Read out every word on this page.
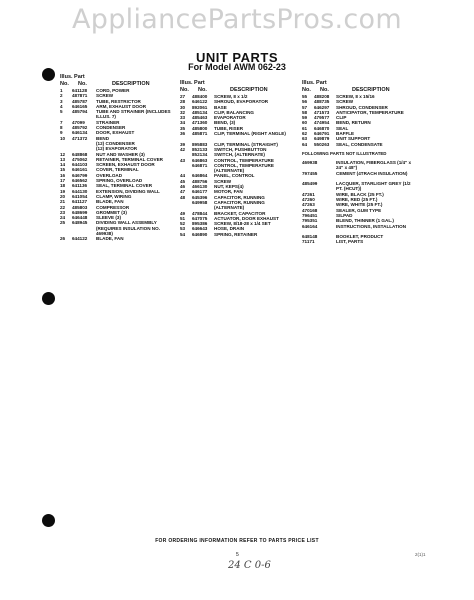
AppliancePartsPros.com
UNIT PARTS
For Model AWM 062-23
Illus. Part
No. No.	DESCRIPTION
1 641128 CORD, POWER
2 487871 SCREW
3 485787 TUBE, RESTRICTOR
4 646165 ARM, EXHAUST DOOR
5 485794 TUBE AND STRAINER (INCLUDES ILLUS. 7)
7 47099 STRAINER
8 485792 CONDENSER
9 646134 DOOR, EXHAUST
10 471372 BEND
(12) CONDENSER
(12) EVAPORATOR
12 648868 NUT AND WASHER (3)
13 475062 RETAINER, TERMINAL COVER
14 644103 SCREEN, EXHAUST DOOR
15 646161 COVER, TERMINAL
16 646799 OVERLOAD
17 646562 SPRING, OVERLOAD
18 641136 SEAL, TERMINAL COVER
19 644130 EXTENSION, DIVIDING WALL
20 641054 CLAMP, WIRING
21 641127 BLADE, FAN
22 485803 COMPRESSOR
23 648699 GROMMET (3)
24 646448 SLEEVE (3)
25 648945 DIVIDING WALL ASSEMBLY (REQUIRES INSULATION NO. 469938)
26 644122 BLADE, FAN
Illus. Part
No. No.	DESCRIPTION
27 488400 SCREW, 8 x 1/2
28 646122 SHROUD, EVAPORATOR
30 892061 BASE
32 485134 CLIP, BALANCING
33 485463 EVAPORATOR
34 471360 BEND, (3)
35 485800 TUBE, RISER
36 485871 CLIP, TERMINAL (RIGHT ANGLE)
39 895883 CLIP, TERMINAL (STRAIGHT)
42 852133 SWITCH, PUSHBUTTON
852134 SWITCH, (ALTERNATE)
43 646863 CONTROL, TEMPERATURE
646871 CONTROL, TEMPERATURE (ALTERNATE)
44 646864 PANEL, CONTROL
45 488756 SCREW
46 466130 NUT, KEPS(4)
47 646177 MOTOR, FAN
48 645396 CAPACITOR, RUNNING
649958 CAPACITOR, RUNNING (ALTERNATE)
49 478844 BRACKET, CAPACITOR
51 647075 ACTUATOR, DOOR EXHAUST
52 895386 SCREW, 8/18-28 x 1/4 SET
53 646643 HOSE, DRAIN
54 646890 SPRING, RETAINER
Illus. Part
No. No.	DESCRIPTION
55 488208 SCREW, 8 x 15/16
56 488735 SCREW
57 646297 SHROUD, CONDENSER
58 471573 ANTICIPATOR, TEMPERATURE
59 479577 CLIP
60 474954 BEND, RETURN
61 646870 SEAL
62 646791 BAFFLE
63 649879 UNIT SUPPORT
64 550263 SEAL, CONDENSATE
FOLLOWING PARTS NOT ILLUSTRATED
469938	INSULATION, FIBERGLASS (1/4" x 24" x 48")
797455	CEMENT (4TRACH INSULATION)
485499	LACQUER, STARLIGHT GREY (1/2 PT. (HCUT))
47261	WIRE, BLACK (25 FT.)
47260	WIRE, RED (25 FT.)
47263	WIRE, WHITE (25 FT.)
470168	SEALER, GUM TYPE
796451	SILPAD
795351	BLEND, THINNER (1 GAL.)
646164	INSTRUCTIONS, INSTALLATION
648148	BOOKLET, PRODUCT
71171	LIST, PARTS
FOR ORDERING INFORMATION REFER TO PARTS PRICE LIST
5	2(1)1
24 C 0-6
